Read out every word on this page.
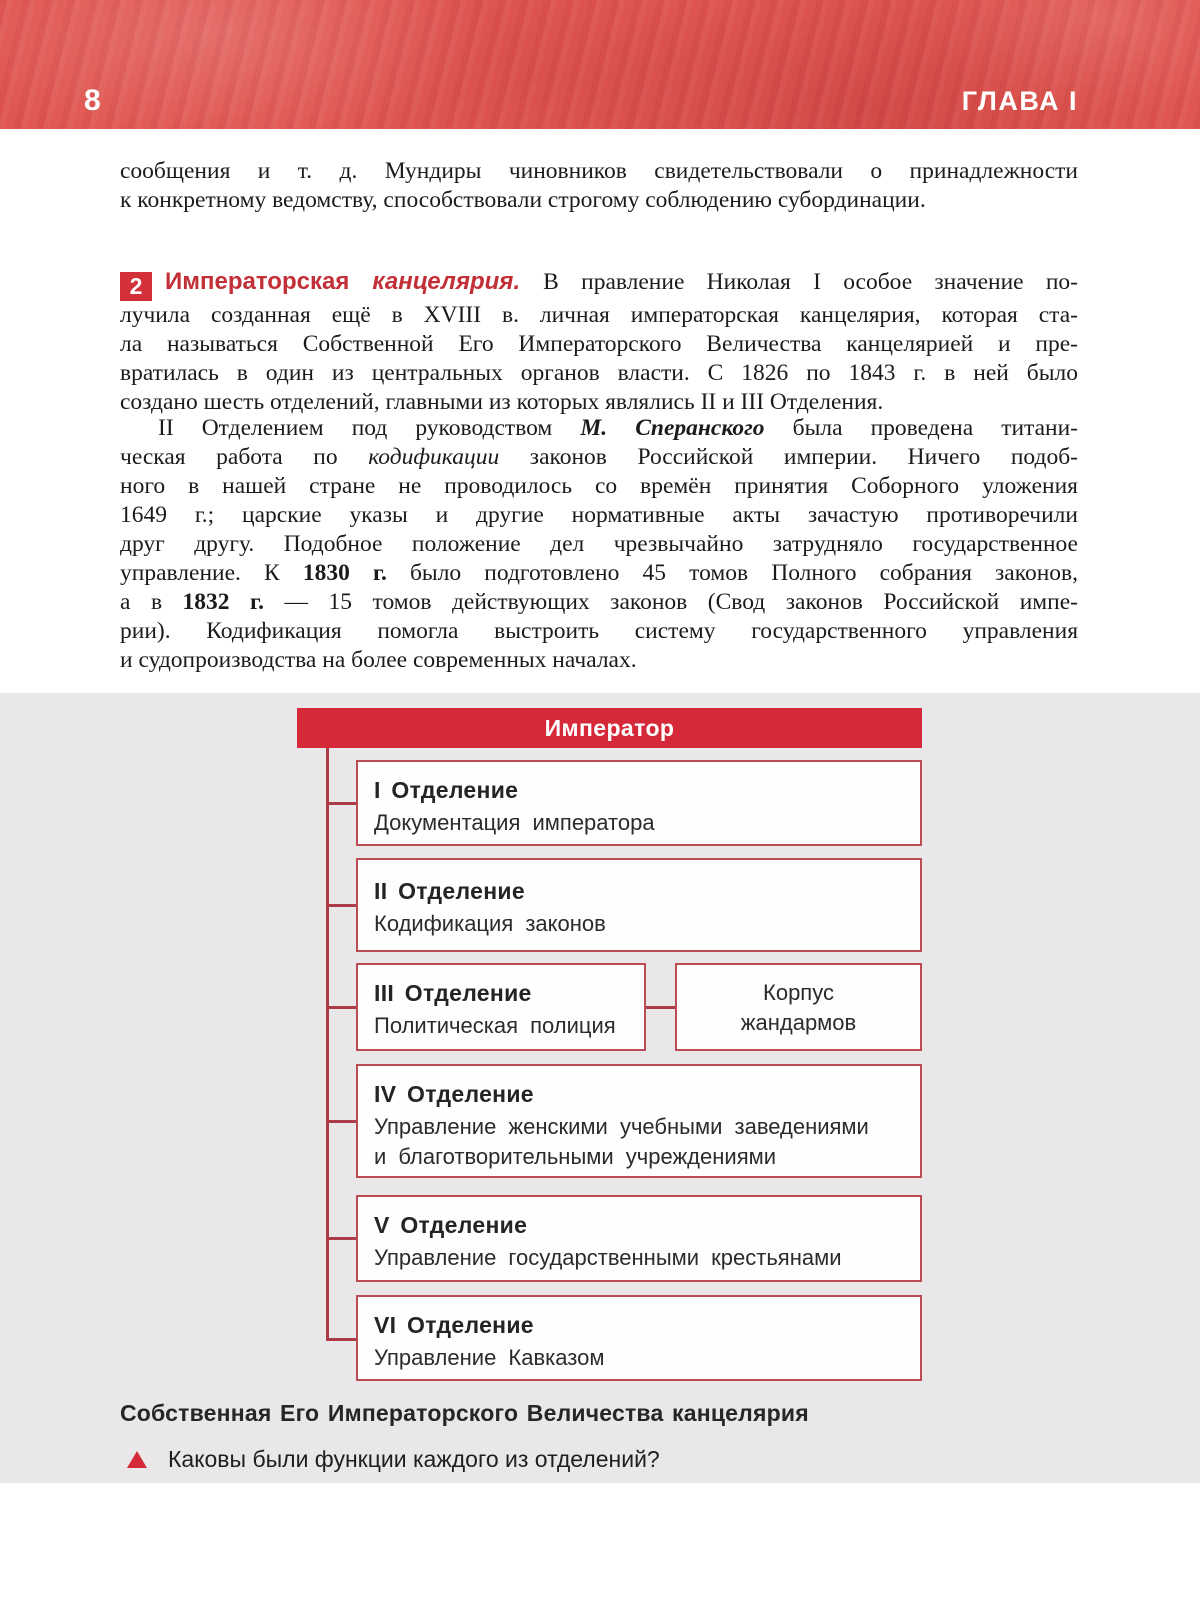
8	ГЛАВА I
сообщения и т. д. Мундиры чиновников свидетельствовали о принадлежности
к конкретному ведомству, способствовали строгому соблюдению субординации.
2 Императорская канцелярия. В правление Николая I особое значение по-
лучила созданная ещё в XVIII в. личная императорская канцелярия, которая ста-
ла называться Собственной Его Императорского Величества канцелярией и пре-
вратилась в один из центральных органов власти. С 1826 по 1843 г. в ней было
создано шесть отделений, главными из которых являлись II и III Отделения.
II Отделением под руководством М. Сперанского была проведена титани-
ческая работа по кодификации законов Российской империи. Ничего подоб-
ного в нашей стране не проводилось со времён принятия Соборного уложения
1649 г.; царские указы и другие нормативные акты зачастую противоречили
друг другу. Подобное положение дел чрезвычайно затрудняло государственное
управление. К 1830 г. было подготовлено 45 томов Полного собрания законов,
а в 1832 г. — 15 томов действующих законов (Свод законов Российской импе-
рии). Кодификация помогла выстроить систему государственного управления
и судопроизводства на более современных началах.
Император
I Отделение
Документация императора
II Отделение
Кодификация законов
III Отделение
Политическая полиция
Корпус
жандармов
IV Отделение
Управление женскими учебными заведениями
и благотворительными учреждениями
V Отделение
Управление государственными крестьянами
VI Отделение
Управление Кавказом
Собственная Его Императорского Величества канцелярия
Каковы были функции каждого из отделений?
